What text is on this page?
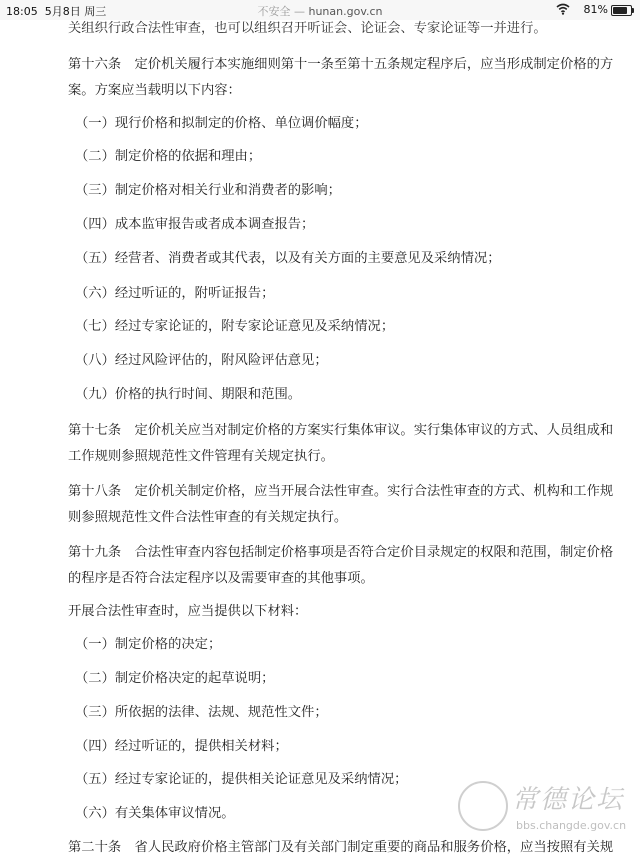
关组织行政合法性审查，也可以组织召开听证会、论证会、专家论证等一并进行。

第十六条　定价机关履行本实施细则第十一条至第十五条规定程序后，应当形成制定价格的方

案。方案应当载明以下内容：

（一）现行价格和拟制定的价格、单位调价幅度；

（二）制定价格的依据和理由；

（三）制定价格对相关行业和消费者的影响；

（四）成本监审报告或者成本调查报告；

（五）经营者、消费者或其代表，以及有关方面的主要意见及采纳情况；

（六）经过听证的，附听证报告；

（七）经过专家论证的，附专家论证意见及采纳情况；

（八）经过风险评估的，附风险评估意见；

（九）价格的执行时间、期限和范围。

第十七条　定价机关应当对制定价格的方案实行集体审议。实行集体审议的方式、人员组成和

工作规则参照规范性文件管理有关规定执行。

第十八条　定价机关制定价格，应当开展合法性审查。实行合法性审查的方式、机构和工作规

则参照规范性文件合法性审查的有关规定执行。

第十九条　合法性审查内容包括制定价格事项是否符合定价目录规定的权限和范围，制定价格

的程序是否符合法定程序以及需要审查的其他事项。

开展合法性审查时，应当提供以下材料：

（一）制定价格的决定；

（二）制定价格决定的起草说明；

（三）所依据的法律、法规、规范性文件；

（四）经过听证的，提供相关材料；

（五）经过专家论证的，提供相关论证意见及采纳情况；

（六）有关集体审议情况。

第二十条　省人民政府价格主管部门及有关部门制定重要的商品和服务价格，应当按照有关规

18:05 5月8日 周三	不安全 — hunan.gov.cn	81%
常德论坛
bbs.changde.gov.cn
